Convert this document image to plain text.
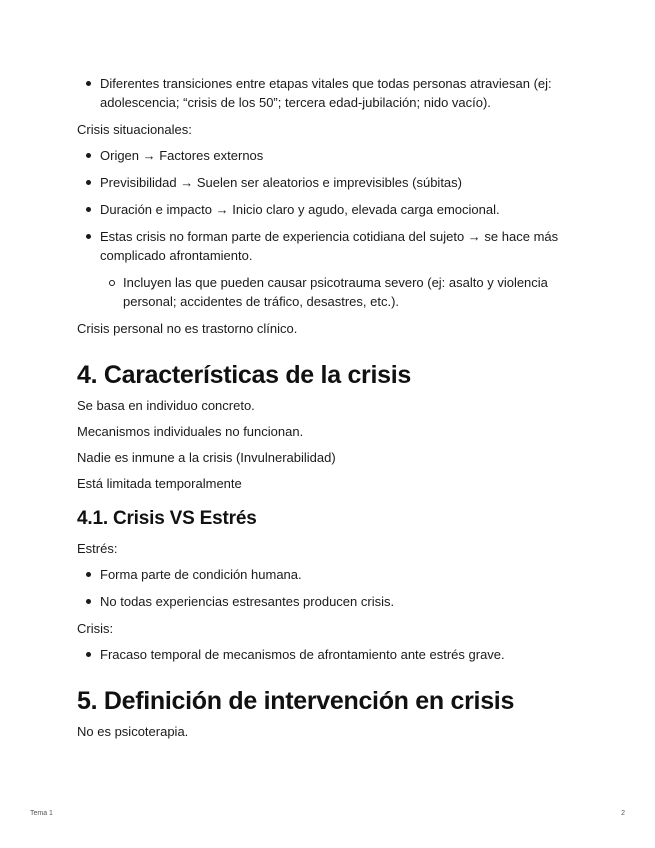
Diferentes transiciones entre etapas vitales que todas personas atraviesan (ej: adolescencia; “crisis de los 50”; tercera edad-jubilación; nido vacío).

Crisis situacionales:

Origen → Factores externos
Previsibilidad → Suelen ser aleatorios e imprevisibles (súbitas)
Duración e impacto → Inicio claro y agudo, elevada carga emocional.
Estas crisis no forman parte de experiencia cotidiana del sujeto → se hace más complicado afrontamiento.
Incluyen las que pueden causar psicotrauma severo (ej: asalto y violencia personal; accidentes de tráfico, desastres, etc.).

Crisis personal no es trastorno clínico.

4. Características de la crisis

Se basa en individuo concreto.

Mecanismos individuales no funcionan.

Nadie es inmune a la crisis (Invulnerabilidad)

Está limitada temporalmente

4.1. Crisis VS Estrés

Estrés:

Forma parte de condición humana.
No todas experiencias estresantes producen crisis.

Crisis:

Fracaso temporal de mecanismos de afrontamiento ante estrés grave.
5. Definición de intervención en crisis

No es psicoterapia.

Tema 1	2
